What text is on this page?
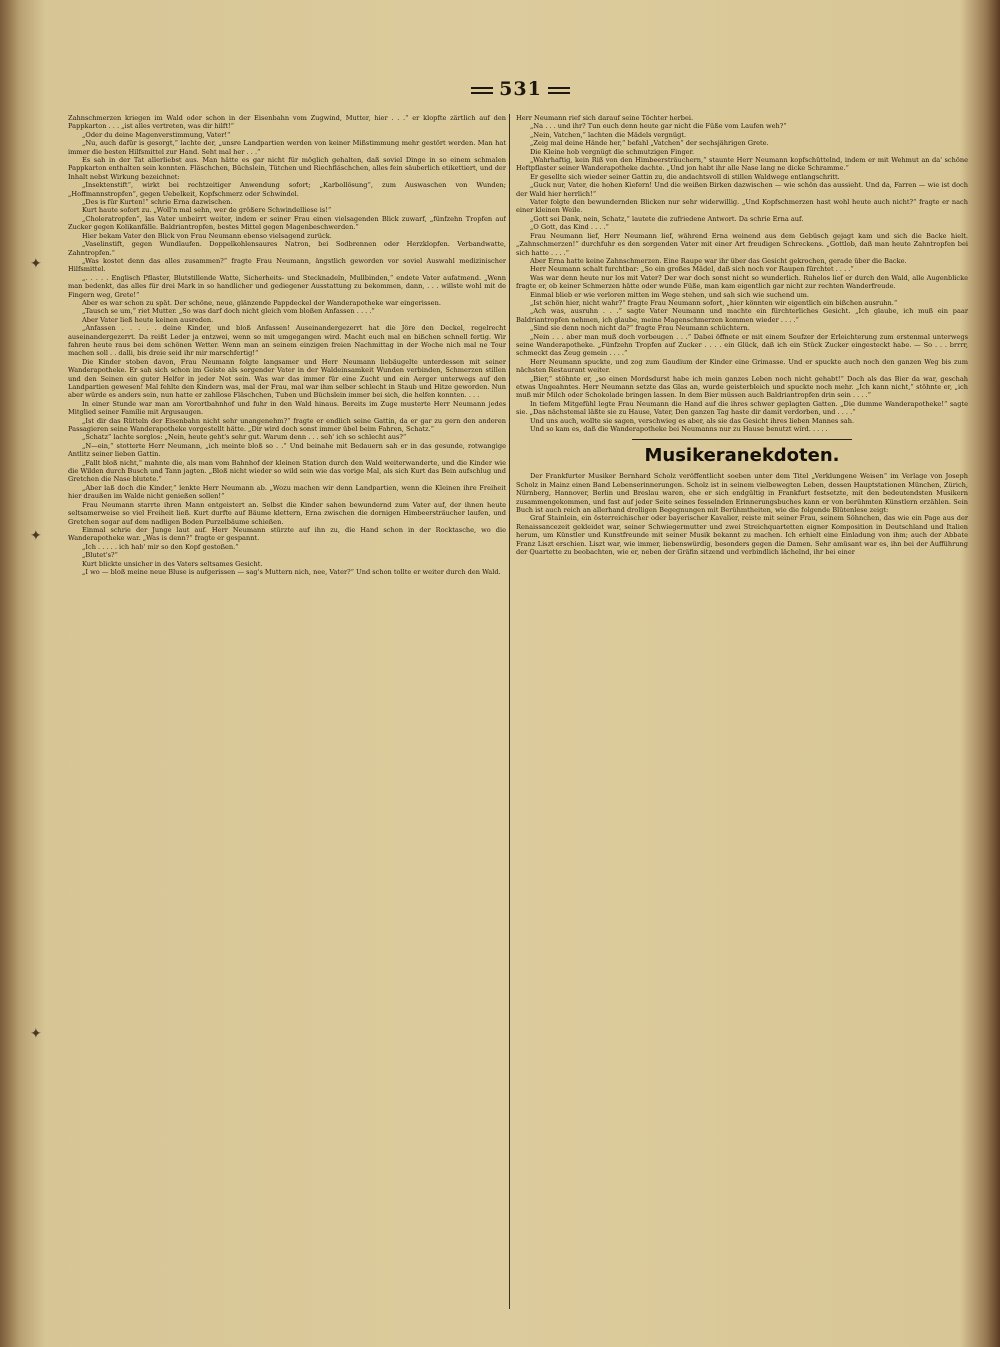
✦
✦
✦
531

Zahnschmerzen kriegen im Wald oder schon in der Eisenbahn vom Zugwind, Mutter, hier . . .“ er klopfte zärtlich auf den Pappkarton . . . „ist alles vertreten, was dir hilft!“

„Oder du deine Magenverstimmung, Vater!“

„Nu, auch dafür is gesorgt,“ lachte der, „unsre Landpartien werden von keiner Mißstimmung mehr gestört werden. Man hat immer die besten Hilfsmittel zur Hand. Seht mal her . . .“

Es sah in der Tat allerliebst aus. Man hätte es gar nicht für möglich gehalten, daß soviel Dinge in so einem schmalen Pappkarton enthalten sein konnten. Fläschchen, Büchslein, Tütchen und Riechfläschchen, alles fein säuberlich etikettiert, und der Inhalt nebst Wirkung bezeichnet:

„Insektenstift“, wirkt bei rechtzeitiger Anwendung sofort; „Karbollösung“, zum Auswaschen von Wunden; „Hoffmannstropfen“, gegen Uebelkeit, Kopfschmerz oder Schwindel.

„Des is für Kurten!“ schrie Erna dazwischen.

Kurt haute sofort zu. „Woll'n mal sehn, wer de größere Schwindelliese is!“

„Choleratropfen“, las Vater unbeirrt weiter, indem er seiner Frau einen vielsagenden Blick zuwarf, „fünfzehn Tropfen auf Zucker gegen Kolikanfälle. Baldriantropfen, bestes Mittel gegen Magenbeschwerden.“

Hier bekam Vater den Blick von Frau Neumann ebenso vielsagend zurück.

„Vaselinstift, gegen Wundlaufen. Doppelkohlensaures Natron, bei Sodbrennen oder Herzklopfen. Verbandwatte, Zahntropfen.“

„Was kostet denn das alles zusammen?“ fragte Frau Neumann, ängstlich geworden vor soviel Auswahl medizinischer Hilfsmittel.

„. . . . . Englisch Pflaster, Blutstillende Watte, Sicherheits- und Stecknadeln, Mullbinden,“ endete Vater aufatmend. „Wenn man bedenkt, das alles für drei Mark in so handlicher und gediegener Ausstattung zu bekommen, dann, . . . willste wohl mit de Fingern weg, Grete!“

Aber es war schon zu spät. Der schöne, neue, glänzende Pappdeckel der Wanderapotheke war eingerissen.

„Tausch se um,“ riet Mutter. „So was darf doch nicht gleich vom bloßen Anfassen . . . .“

Aber Vater ließ heute keinen ausreden.

„Anfassen . . . . . deine Kinder, und bloß Anfassen! Auseinandergezerrt hat die Jöre den Deckel, regelrecht auseinandergezerrt. Da reißt Leder ja entzwei, wenn so mit umgegangen wird. Macht euch mal en bißchen schnell fertig. Wir fahren heute raus bei dem schönen Wetter. Wenn man an seinem einzigen freien Nachmittag in der Woche nich mal ne Tour machen soll . . dalli, bis dreie seid ihr mir marschfertig!“

Die Kinder stoben davon, Frau Neumann folgte langsamer und Herr Neumann liebäugelte unterdessen mit seiner Wanderapotheke. Er sah sich schon im Geiste als sorgender Vater in der Waldeinsamkeit Wunden verbinden, Schmerzen stillen und den Seinen ein guter Helfer in jeder Not sein. Was war das immer für eine Zucht und ein Aerger unterwegs auf den Landpartien gewesen! Mal fehlte den Kindern was, mal der Frau, mal war ihm selber schlecht in Staub und Hitze geworden. Nun aber würde es anders sein, nun hatte er zahllose Fläschchen, Tuben und Büchslein immer bei sich, die helfen konnten. . . .

In einer Stunde war man am Vorortbahnhof und fuhr in den Wald hinaus. Bereits im Zuge musterte Herr Neumann jedes Mitglied seiner Familie mit Argusaugen.

„Ist dir das Rütteln der Eisenbahn nicht sehr unangenehm?“ fragte er endlich seine Gattin, da er gar zu gern den anderen Passagieren seine Wanderapotheke vorgestellt hätte. „Dir wird doch sonst immer übel beim Fahren, Schatz.“

„Schatz“ lachte sorglos: „Nein, heute geht's sehr gut. Warum denn . . . seh' ich so schlecht aus?“

„N—ein,“ stotterte Herr Neumann, „ich meinte bloß so . .“ Und beinahe mit Bedauern sah er in das gesunde, rotwangige Antlitz seiner lieben Gattin.

„Fallt bloß nicht,“ mahnte die, als man vom Bahnhof der kleinen Station durch den Wald weiterwanderte, und die Kinder wie die Wilden durch Busch und Tann jagten. „Bloß nicht wieder so wild sein wie das vorige Mal, als sich Kurt das Bein aufschlug und Gretchen die Nase blutete.“

„Aber laß doch die Kinder,“ lenkte Herr Neumann ab. „Wozu machen wir denn Landpartien, wenn die Kleinen ihre Freiheit hier draußen im Walde nicht genießen sollen!“

Frau Neumann starrte ihren Mann entgeistert an. Selbst die Kinder sahen bewundernd zum Vater auf, der ihnen heute seltsamerweise so viel Freiheit ließ. Kurt durfte auf Bäume klettern, Erna zwischen die dornigen Himbeersträucher laufen, und Gretchen sogar auf dem nadligen Boden Purzelbäume schießen.

Einmal schrie der Junge laut auf. Herr Neumann stürzte auf ihn zu, die Hand schon in der Rocktasche, wo die Wanderapotheke war. „Was is denn?“ fragte er gespannt.

„Ich . . . . . ich hab' mir so den Kopf gestoßen.“

„Blutet's?“

Kurt blickte unsicher in des Vaters seltsames Gesicht.

„I wo — bloß meine neue Bluse is aufgerissen — sag's Muttern nich, nee, Vater?“ Und schon tollte er weiter durch den Wald.

Herr Neumann rief sich darauf seine Töchter herbei.

„Na . . . und ihr? Tun euch denn heute gar nicht die Füße vom Laufen weh?“

„Nein, Vatchen,“ lachten die Mädels vergnügt.

„Zeig mal deine Hände her,“ befahl „Vatchen“ der sechsjährigen Grete.

Die Kleine hob vergnügt die schmutzigen Finger.

„Wahrhaftig, kein Riß von den Himbeersträuchern,“ staunte Herr Neumann kopfschüttelnd, indem er mit Wehmut an da' schöne Heftpflaster seiner Wanderapotheke dachte. „Und jon habt ihr alle Nase lang ne dicke Schramme.“

Er gesellte sich wieder seiner Gattin zu, die andachtsvoll di stillen Waldwege entlangschritt.

„Guck nur, Vater, die hohen Kiefern! Und die weißen Birken dazwischen — wie schön das aussieht. Und da, Farren — wie ist doch der Wald hier herrlich!“

Vater folgte den bewundernden Blicken nur sehr widerwillig. „Und Kopfschmerzen hast wohl heute auch nicht?“ fragte er nach einer kleinen Weile.

„Gott sei Dank, nein, Schatz,“ lautete die zufriedene Antwort. Da schrie Erna auf.

„O Gott, das Kind . . . .“

Frau Neumann lief, Herr Neumann lief, während Erna weinend aus dem Gebüsch gejagt kam und sich die Backe hielt. „Zahnschmerzen!“ durchfuhr es den sorgenden Vater mit einer Art freudigen Schreckens. „Gottlob, daß man heute Zahntropfen bei sich hatte . . . .“

Aber Erna hatte keine Zahnschmerzen. Eine Raupe war ihr über das Gesicht gekrochen, gerade über die Backe.

Herr Neumann schalt furchtbar: „So ein großes Mädel, daß sich noch vor Raupen fürchtet . . . .“

Was war denn heute nur los mit Vater? Der war doch sonst nicht so wunderlich. Ruhelos lief er durch den Wald, alle Augenblicke fragte er, ob keiner Schmerzen hätte oder wunde Füße, man kam eigentlich gar nicht zur rechten Wanderfreude.

Einmal blieb er wie verloren mitten im Wege stehen, und sah sich wie suchend um.

„Ist schön hier, nicht wahr?“ fragte Frau Neumann sofort, „hier könnten wir eigentlich ein bißchen ausruhn.“

„Ach was, ausruhn . . .“ sagte Vater Neumann und machte ein fürchterliches Gesicht. „Ich glaube, ich muß ein paar Baldriantropfen nehmen, ich glaube, meine Magenschmerzen kommen wieder . . . .“

„Sind sie denn noch nicht da?“ fragte Frau Neumann schüchtern.

„Nein . . . aber man muß doch vorbeugen . . .“ Dabei öffnete er mit einem Seufzer der Erleichterung zum erstenmal unterwegs seine Wanderapotheke. „Fünfzehn Tropfen auf Zucker . . . . ein Glück, daß ich ein Stück Zucker eingesteckt habe. — So . . . brrrr, schmeckt das Zeug gemein . . . .“

Herr Neumann spuckte, und zog zum Gaudium der Kinder eine Grimasse. Und er spuckte auch noch den ganzen Weg bis zum nächsten Restaurant weiter.

„Bier,“ stöhnte er, „so einen Mordsdurst habe ich mein ganzes Leben noch nicht gehabt!“ Doch als das Bier da war, geschah etwas Ungeahntes. Herr Neumann setzte das Glas an, wurde geisterbleich und spuckte noch mehr. „Ich kann nicht,“ stöhnte er, „ich muß mir Milch oder Schokolade bringen lassen. In dem Bier müssen auch Baldriantropfen drin sein . . . .“

In tiefem Mitgefühl legte Frau Neumann die Hand auf die ihres schwer geplagten Gatten. „Die dumme Wanderapotheke!“ sagte sie. „Das nächstemal läßte sie zu Hause, Vater, Den ganzen Tag haste dir damit verdorben, und . . . .“

Und uns auch, wollte sie sagen, verschwieg es aber, als sie das Gesicht ihres lieben Mannes sah.

Und so kam es, daß die Wanderapotheke bei Neumanns nur zu Hause benutzt wird. . . . .

Musikeranekdoten.

Der Frankfurter Musiker Bernhard Scholz veröffentlicht soeben unter dem Titel „Verklungene Weisen“ im Verlage von Joseph Scholz in Mainz einen Band Lebenserinnerungen. Scholz ist in seinem vielbewegten Leben, dessen Hauptstationen München, Zürich, Nürnberg, Hannover, Berlin und Breslau waren, ehe er sich endgültig in Frankfurt festsetzte, mit den bedeutendsten Musikern zusammengekommen, und fast auf jeder Seite seines fesselnden Erinnerungsbuches kann er von berühmten Künstlern erzählen. Sein Buch ist auch reich an allerhand drolligen Begegnungen mit Berühmtheiten, wie die folgende Blütenlese zeigt:

Graf Stainlein, ein österreichischer oder bayerischer Kavalier, reiste mit seiner Frau, seinem Söhnchen, das wie ein Page aus der Renaissancezeit gekleidet war, seiner Schwiegermutter und zwei Streichquartetten eigner Komposition in Deutschland und Italien herum, um Künstler und Kunstfreunde mit seiner Musik bekannt zu machen. Ich erhielt eine Einladung von ihm; auch der Abbate Franz Liszt erschien. Liszt war, wie immer, liebenswürdig, besonders gegen die Damen. Sehr amüsant war es, ihn bei der Aufführung der Quartette zu beobachten, wie er, neben der Gräfin sitzend und verbindlich lächelnd, ihr bei einer
